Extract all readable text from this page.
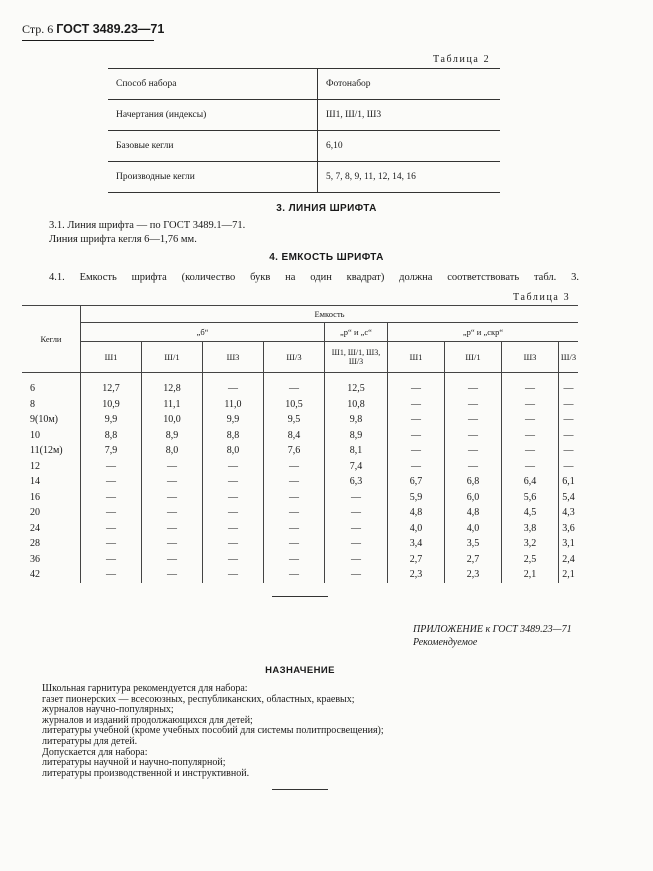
Стр. 6 ГОСТ 3489.23—71
Таблица 2
Способ набора	Фотонабор
Начертания (индексы)	Ш1, Ш/1, Ш3
Базовые кегли	6,10
Производные кегли	5, 7, 8, 9, 11, 12, 14, 16
3. ЛИНИЯ ШРИФТА
3.1. Линия шрифта — по ГОСТ 3489.1—71.
Линия шрифта кегля 6—1,76 мм.
4. ЕМКОСТЬ ШРИФТА
4.1. Емкость шрифта (количество букв на один квадрат) должна соответствовать табл. 3.
Таблица 3
Кегли	Емкость								
	„б“				„р“ и „с“	„р“ и „скр“			
	Ш1	Ш/1	Ш3	Ш/3	Ш1, Ш/1, Ш3, Ш/3	Ш1	Ш/1	Ш3	Ш/3
6	12,7	12,8	—	—	12,5	—	—	—	—
8	10,9	11,1	11,0	10,5	10,8	—	—	—	—
9(10м)	9,9	10,0	9,9	9,5	9,8	—	—	—	—
10	8,8	8,9	8,8	8,4	8,9	—	—	—	—
11(12м)	7,9	8,0	8,0	7,6	8,1	—	—	—	—
12	—	—	—	—	7,4	—	—	—	—
14	—	—	—	—	6,3	6,7	6,8	6,4	6,1
16	—	—	—	—	—	5,9	6,0	5,6	5,4
20	—	—	—	—	—	4,8	4,8	4,5	4,3
24	—	—	—	—	—	4,0	4,0	3,8	3,6
28	—	—	—	—	—	3,4	3,5	3,2	3,1
36	—	—	—	—	—	2,7	2,7	2,5	2,4
42	—	—	—	—	—	2,3	2,3	2,1	2,1
ПРИЛОЖЕНИЕ к ГОСТ 3489.23—71
Рекомендуемое
НАЗНАЧЕНИЕ
Школьная гарнитура рекомендуется для набора:
газет пионерских — всесоюзных, республиканских, областных, краевых;
журналов научно-популярных;
журналов и изданий продолжающихся для детей;
литературы учебной (кроме учебных пособий для системы политпросвещения);
литературы для детей.
Допускается для набора:
литературы научной и научно-популярной;
литературы производственной и инструктивной.
